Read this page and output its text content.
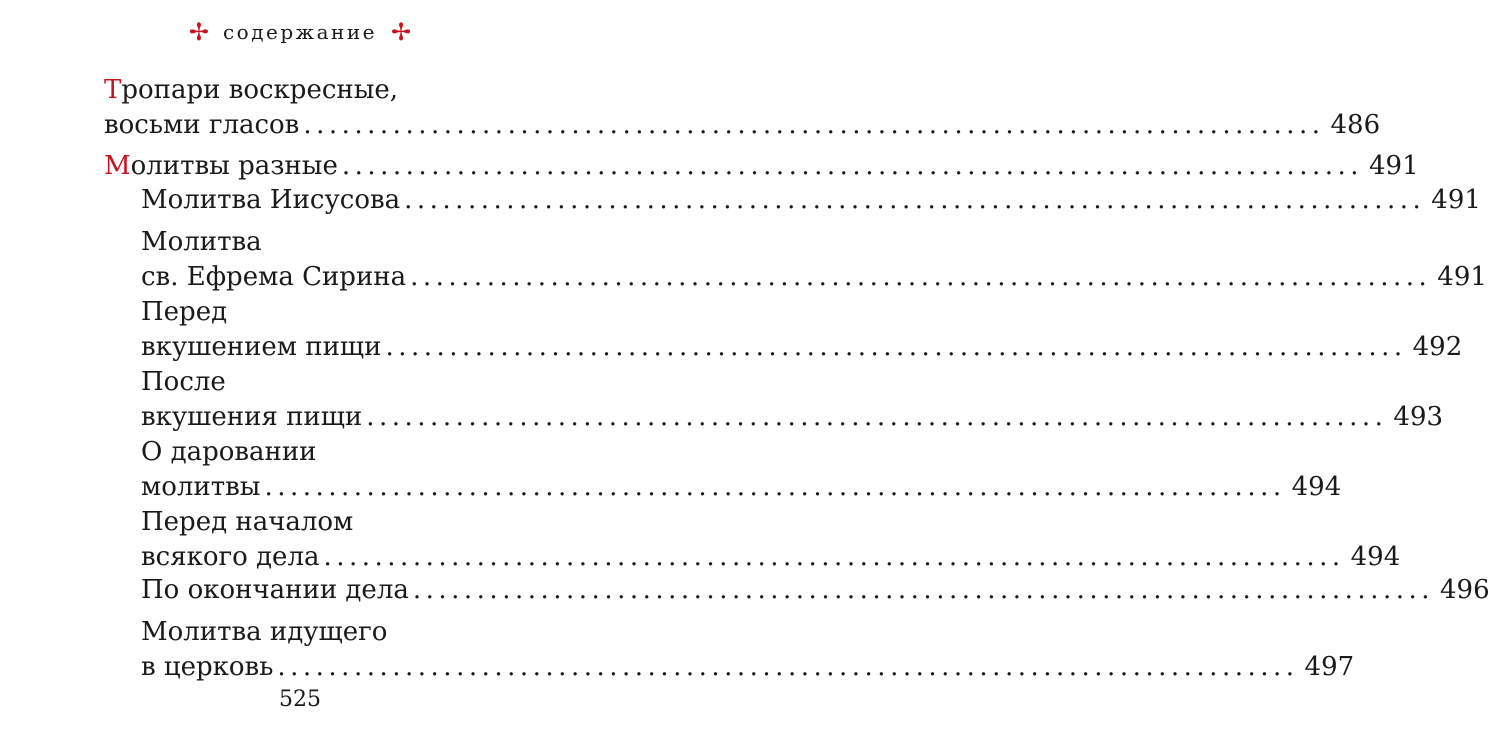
✢ содержание ✢
Тропари воскресные,
восьми гласов ................................................................................ 486
Молитвы разные ................................................................................ 491
Молитва Иисусова ................................................................................ 491
Молитва
св. Ефрема Сирина ................................................................................ 491
Перед
вкушением пищи ................................................................................ 492
После
вкушения пищи ................................................................................ 493
О даровании
молитвы ................................................................................ 494
Перед началом
всякого дела ................................................................................ 494
По окончании дела ................................................................................ 496
Молитва идущего
в церковь ................................................................................ 497
525
